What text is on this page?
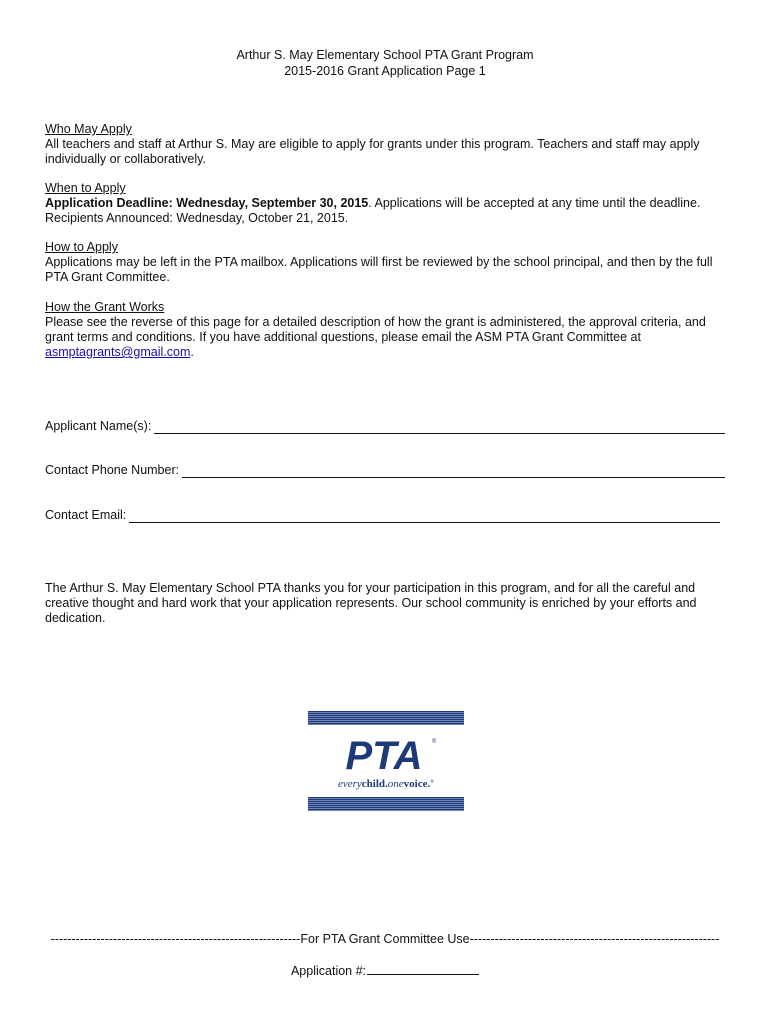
Arthur S. May Elementary School PTA Grant Program
2015-2016 Grant Application Page 1
Who May Apply
All teachers and staff at Arthur S. May are eligible to apply for grants under this program. Teachers and staff may apply individually or collaboratively.
When to Apply
Application Deadline: Wednesday, September 30, 2015. Applications will be accepted at any time until the deadline.
Recipients Announced: Wednesday, October 21, 2015.
How to Apply
Applications may be left in the PTA mailbox. Applications will first be reviewed by the school principal, and then by the full PTA Grant Committee.
How the Grant Works
Please see the reverse of this page for a detailed description of how the grant is administered, the approval criteria, and grant terms and conditions. If you have additional questions, please email the ASM PTA Grant Committee at
asmptagrants@gmail.com.
Applicant Name(s):
Contact Phone Number:
Contact Email:
The Arthur S. May Elementary School PTA thanks you for your participation in this program, and for all the careful and creative thought and hard work that your application represents. Our school community is enriched by your efforts and dedication.
PTA ®
everychild.onevoice.®
------------------------------------------------------------For PTA Grant Committee Use------------------------------------------------------------
Application #:
